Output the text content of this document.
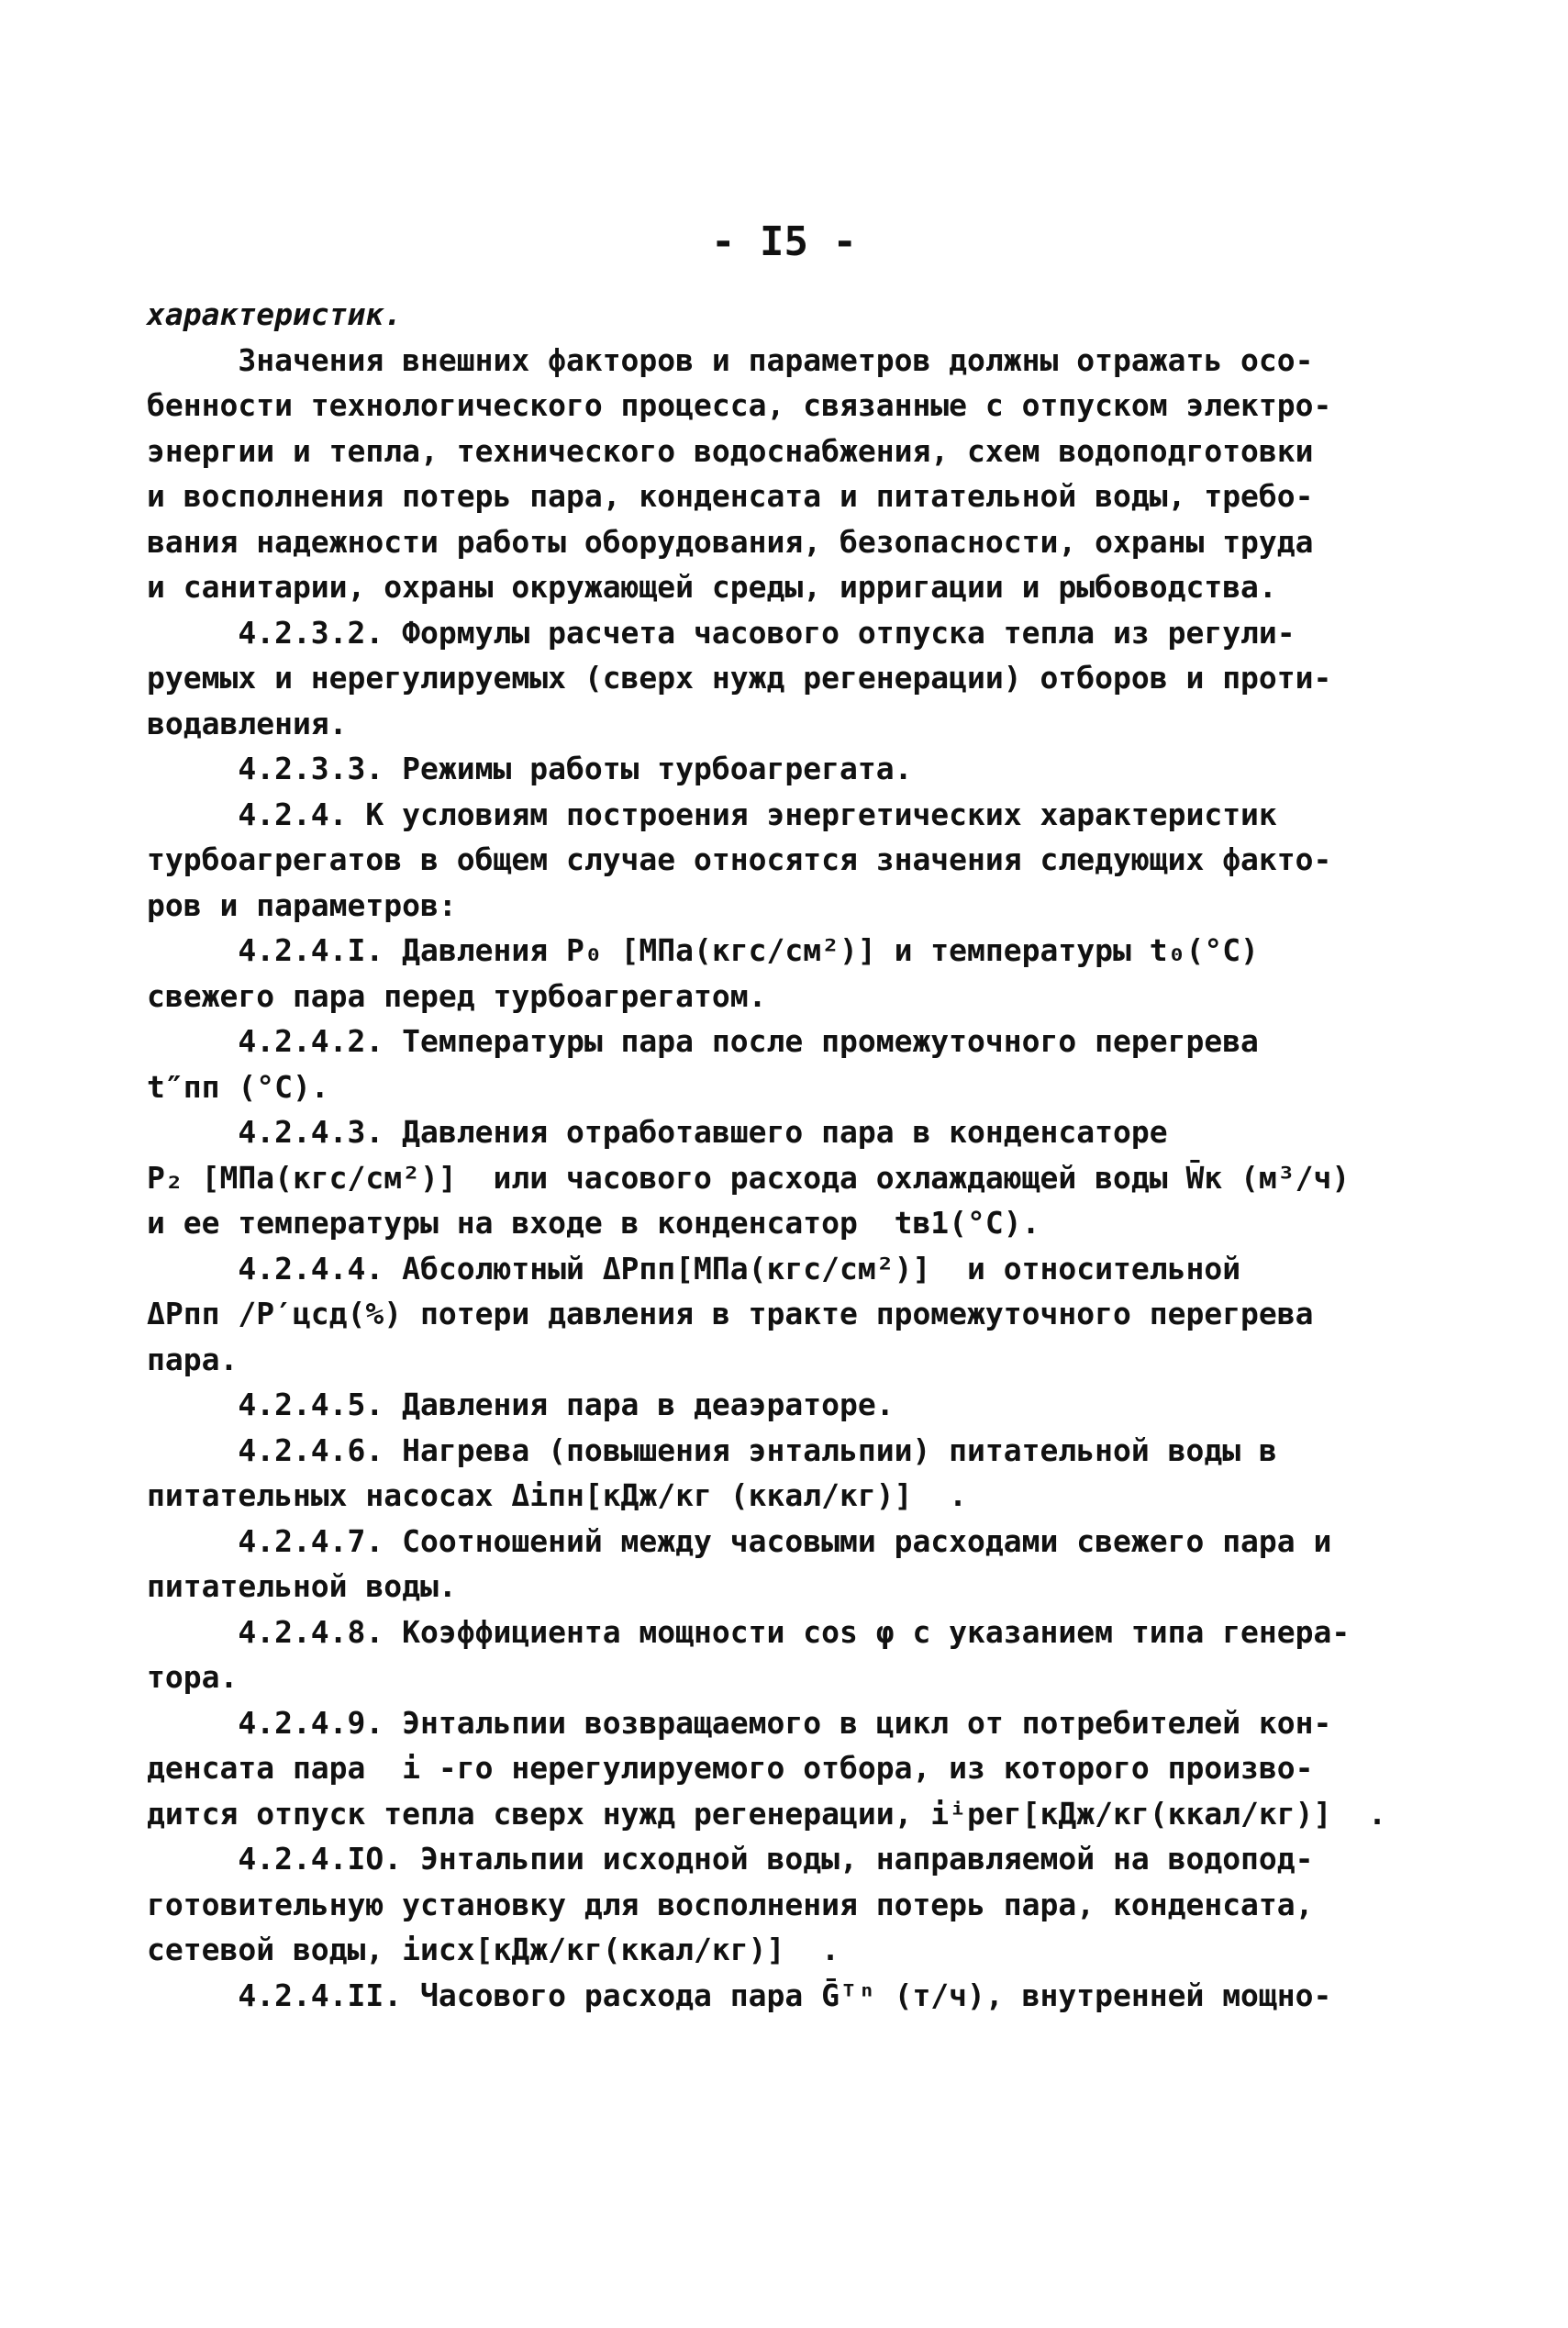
- I5 -
характеристик.
Значения внешних факторов и параметров должны отражать осо-
бенности технологического процесса, связанные с отпуском электро-
энергии и тепла, технического водоснабжения, схем водоподготовки
и восполнения потерь пара, конденсата и питательной воды, требо-
вания надежности работы оборудования, безопасности, охраны труда
и санитарии, охраны окружающей среды, ирригации и рыбоводства.
4.2.3.2. Формулы расчета часового отпуска тепла из регули-
руемых и нерегулируемых (сверх нужд регенерации) отборов и проти-
водавления.
4.2.3.3. Режимы работы турбоагрегата.
4.2.4. К условиям построения энергетических характеристик
турбоагрегатов в общем случае относятся значения следующих факто-
ров и параметров:
4.2.4.I. Давления P₀ [МПа(кгс/см²)] и температуры t₀(°C)
свежего пара перед турбоагрегатом.
4.2.4.2. Температуры пара после промежуточного перегрева
t″пп (°C).
4.2.4.3. Давления отработавшего пара в конденсаторе
P₂ [МПа(кгс/см²)]  или часового расхода охлаждающей воды W̄к (м³/ч)
и ее температуры на входе в конденсатор  tв1(°C).
4.2.4.4. Абсолютный ΔPпп[МПа(кгс/см²)]  и относительной
ΔPпп /P′цсд(%) потери давления в тракте промежуточного перегрева
пара.
4.2.4.5. Давления пара в деаэраторе.
4.2.4.6. Нагрева (повышения энтальпии) питательной воды в
питательных насосах Δiпн[кДж/кг (ккал/кг)]  .
4.2.4.7. Соотношений между часовыми расходами свежего пара и
питательной воды.
4.2.4.8. Коэффициента мощности cos φ с указанием типа генера-
тора.
4.2.4.9. Энтальпии возвращаемого в цикл от потребителей кон-
денсата пара  i -го нерегулируемого отбора, из которого произво-
дится отпуск тепла сверх нужд регенерации, iⁱрег[кДж/кг(ккал/кг)]  .
4.2.4.IO. Энтальпии исходной воды, направляемой на водопод-
готовительную установку для восполнения потерь пара, конденсата,
сетевой воды, iисх[кДж/кг(ккал/кг)]  .
4.2.4.II. Часового расхода пара Ḡᵀⁿ (т/ч), внутренней мощно-
